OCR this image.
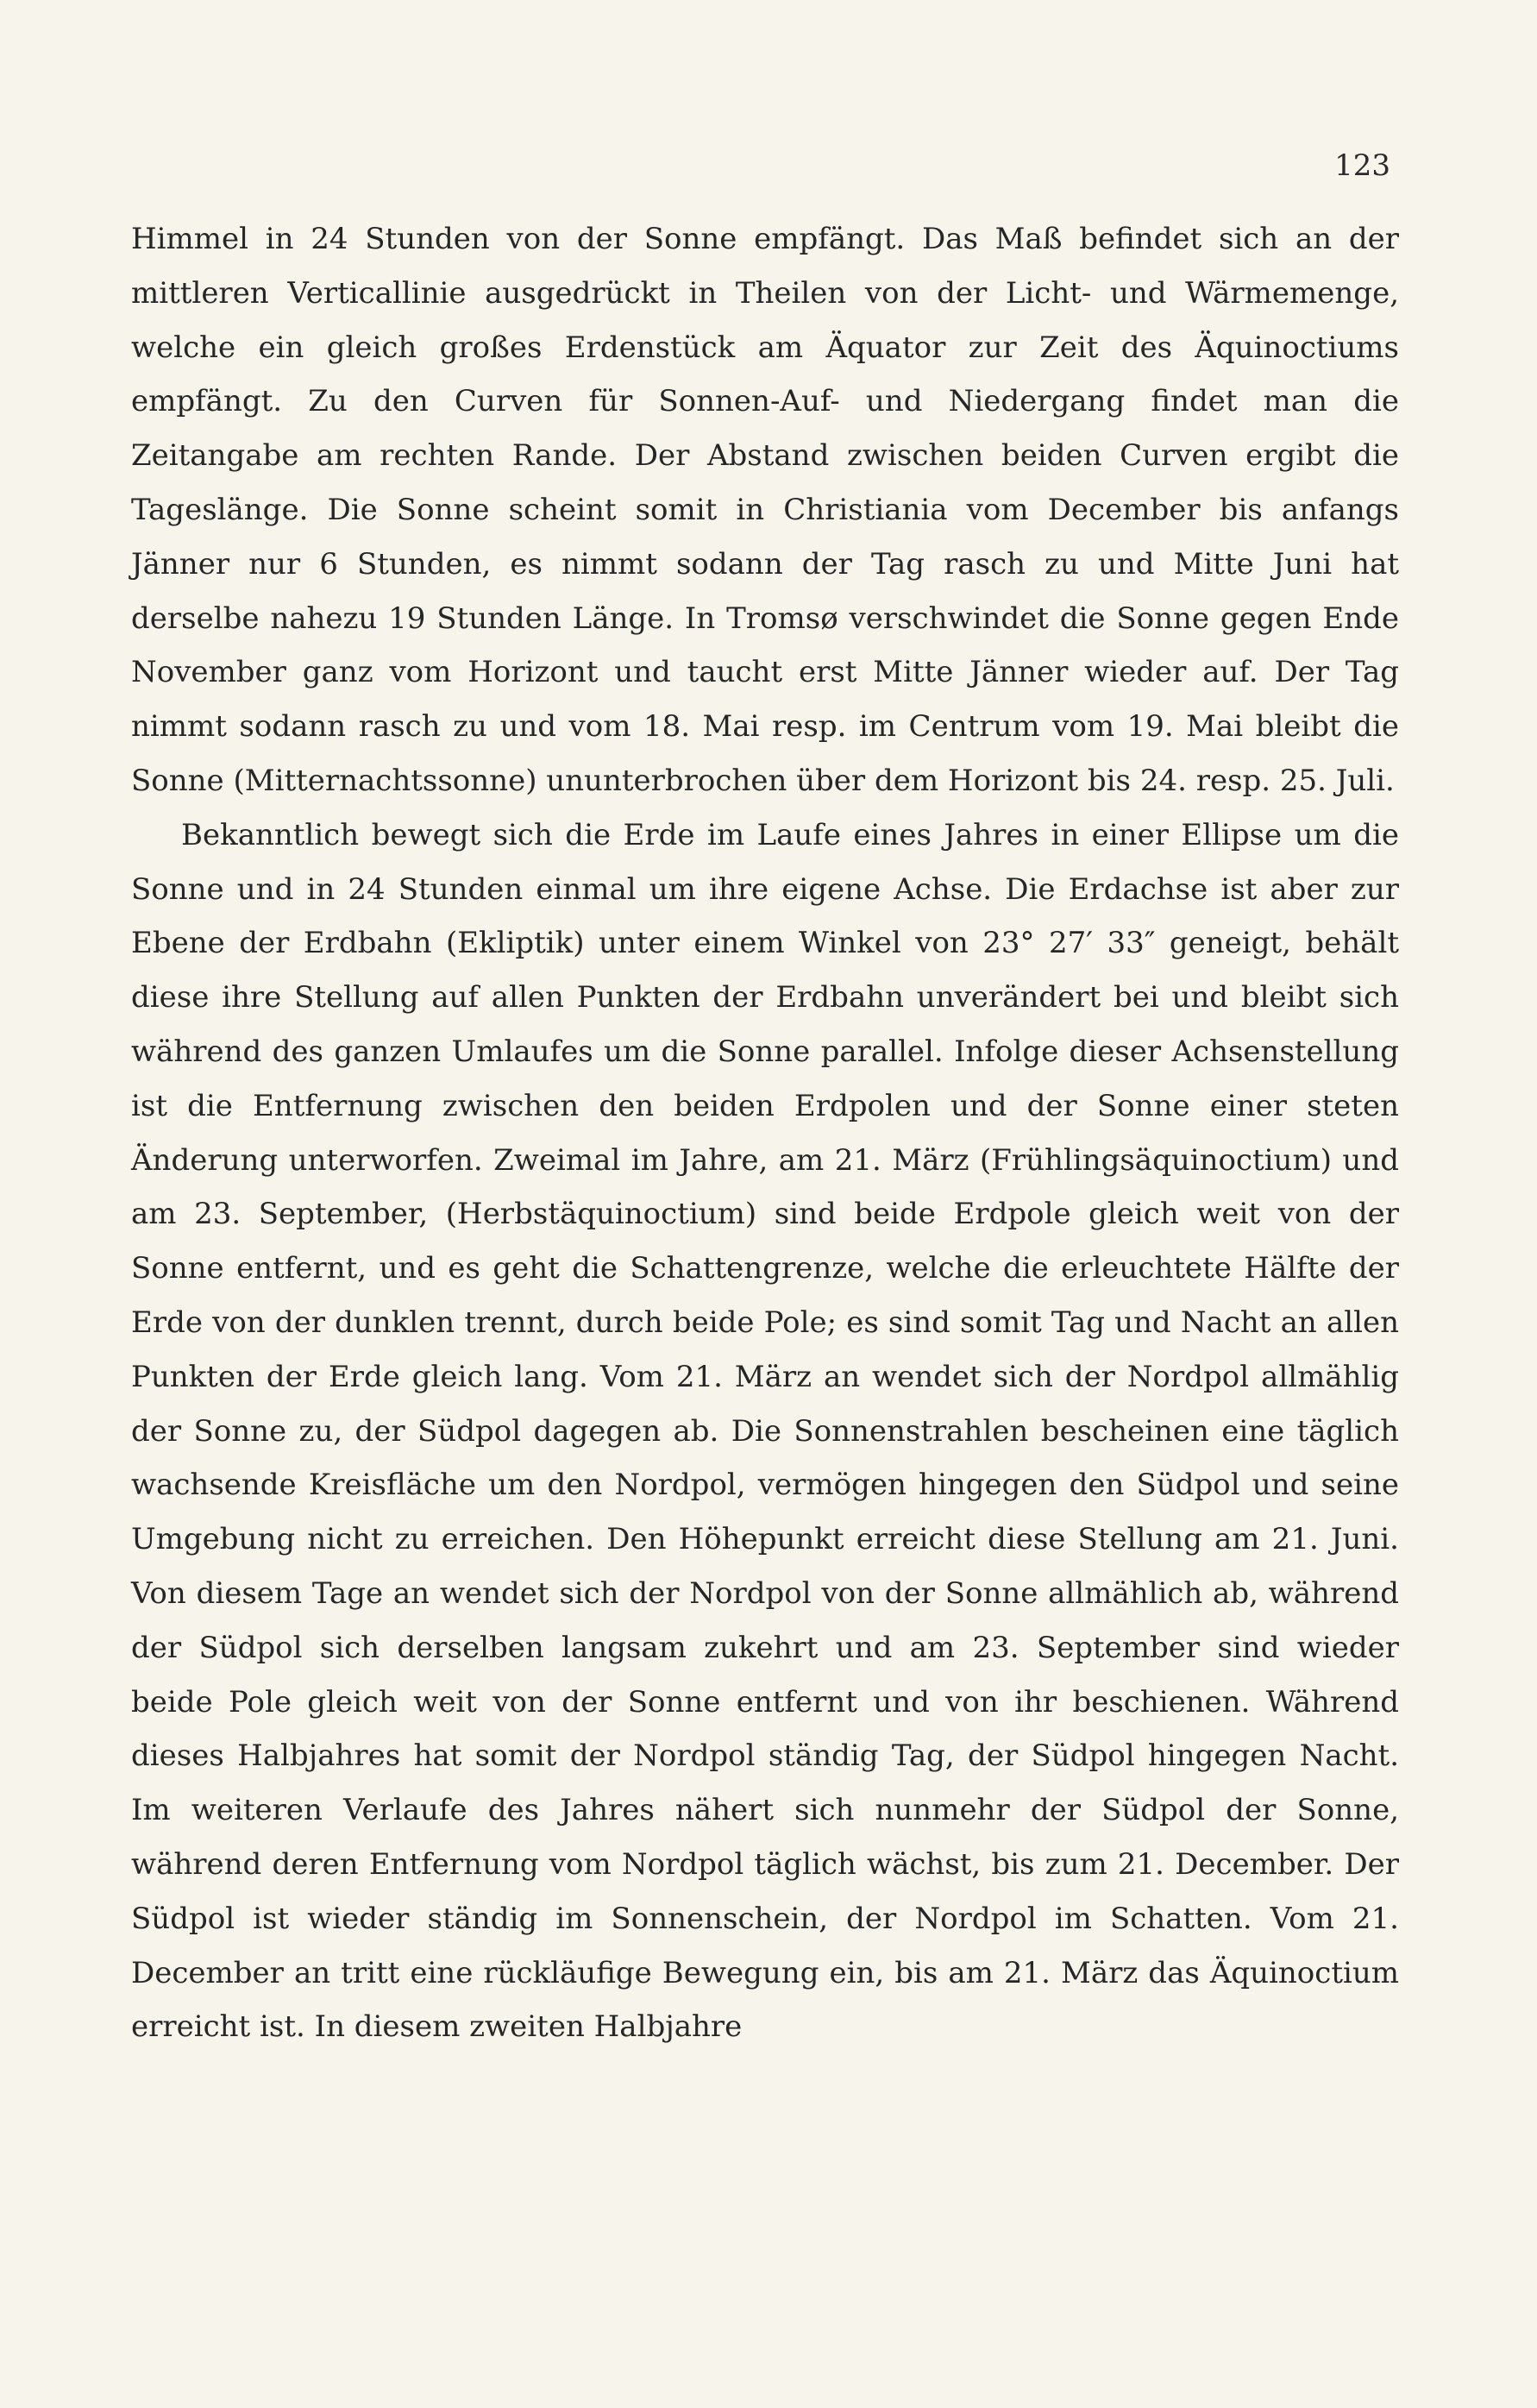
123

Himmel in 24 Stunden von der Sonne empfängt. Das Maß befindet sich an der mittleren Verticallinie ausgedrückt in Theilen von der Licht- und Wärmemenge, welche ein gleich großes Erdenstück am Äquator zur Zeit des Äquinoctiums empfängt. Zu den Curven für Sonnen-Auf- und Niedergang findet man die Zeitangabe am rechten Rande. Der Abstand zwischen beiden Curven ergibt die Tageslänge. Die Sonne scheint somit in Christiania vom December bis anfangs Jänner nur 6 Stunden, es nimmt sodann der Tag rasch zu und Mitte Juni hat derselbe nahezu 19 Stunden Länge. In Tromsø verschwindet die Sonne gegen Ende November ganz vom Horizont und taucht erst Mitte Jänner wieder auf. Der Tag nimmt sodann rasch zu und vom 18. Mai resp. im Centrum vom 19. Mai bleibt die Sonne (Mitternachtssonne) ununterbrochen über dem Horizont bis 24. resp. 25. Juli.

Bekanntlich bewegt sich die Erde im Laufe eines Jahres in einer Ellipse um die Sonne und in 24 Stunden einmal um ihre eigene Achse. Die Erdachse ist aber zur Ebene der Erdbahn (Ekliptik) unter einem Winkel von 23° 27′ 33″ geneigt, behält diese ihre Stellung auf allen Punkten der Erdbahn unverändert bei und bleibt sich während des ganzen Umlaufes um die Sonne parallel. Infolge dieser Achsenstellung ist die Entfernung zwischen den beiden Erdpolen und der Sonne einer steten Änderung unterworfen. Zweimal im Jahre, am 21. März (Frühlingsäquinoctium) und am 23. September, (Herbstäquinoctium) sind beide Erdpole gleich weit von der Sonne entfernt, und es geht die Schattengrenze, welche die erleuchtete Hälfte der Erde von der dunklen trennt, durch beide Pole; es sind somit Tag und Nacht an allen Punkten der Erde gleich lang. Vom 21. März an wendet sich der Nordpol allmählig der Sonne zu, der Südpol dagegen ab. Die Sonnenstrahlen bescheinen eine täglich wachsende Kreisfläche um den Nordpol, vermögen hingegen den Südpol und seine Umgebung nicht zu erreichen. Den Höhepunkt erreicht diese Stellung am 21. Juni. Von diesem Tage an wendet sich der Nordpol von der Sonne allmählich ab, während der Südpol sich derselben langsam zukehrt und am 23. September sind wieder beide Pole gleich weit von der Sonne entfernt und von ihr beschienen. Während dieses Halbjahres hat somit der Nordpol ständig Tag, der Südpol hingegen Nacht. Im weiteren Verlaufe des Jahres nähert sich nunmehr der Südpol der Sonne, während deren Entfernung vom Nordpol täglich wächst, bis zum 21. December. Der Südpol ist wieder ständig im Sonnenschein, der Nordpol im Schatten. Vom 21. December an tritt eine rückläufige Bewegung ein, bis am 21. März das Äquinoctium erreicht ist. In diesem zweiten Halbjahre
